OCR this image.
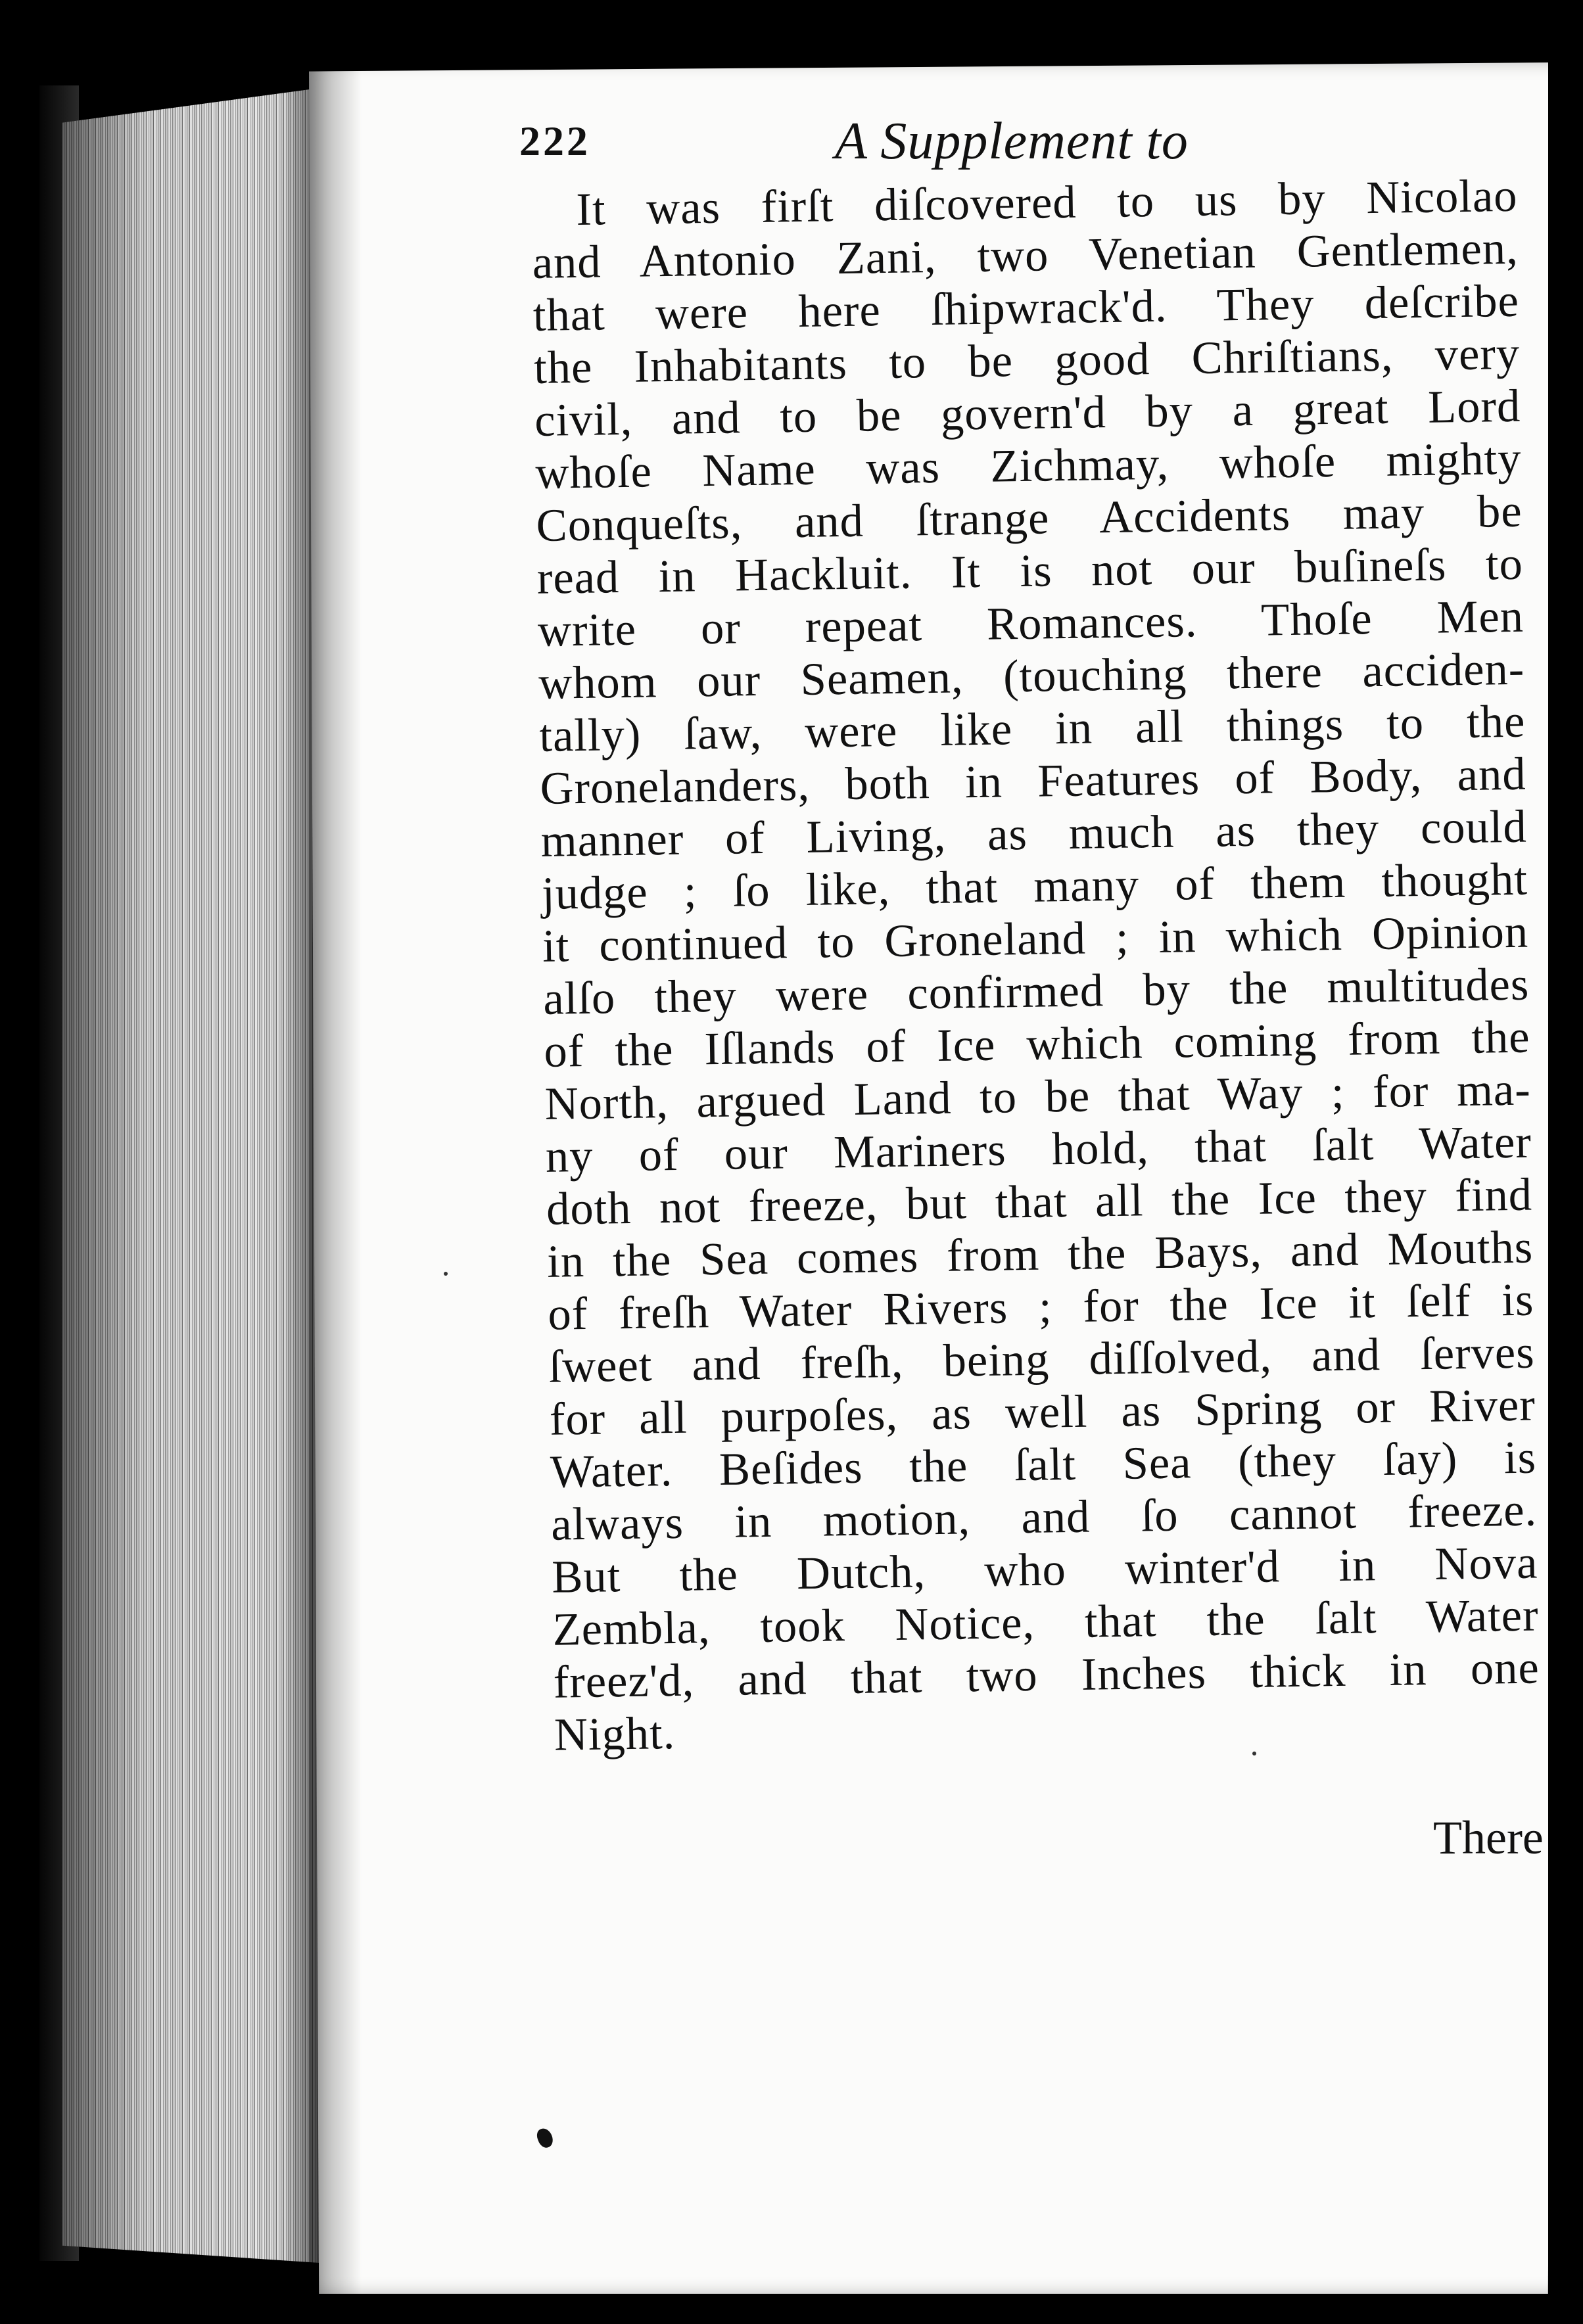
222	A Supplement to
It was firſt diſcovered to us by Nicolao
and Antonio Zani, two Venetian Gentlemen,
that were here ſhipwrack'd. They deſcribe
the Inhabitants to be good Chriſtians, very
civil, and to be govern'd by a great Lord
whoſe Name was Zichmay, whoſe mighty
Conqueſts, and ſtrange Accidents may be
read in Hackluit. It is not our buſineſs to
write or repeat Romances. Thoſe Men
whom our Seamen, (touching there acciden-
tally) ſaw, were like in all things to the
Gronelanders, both in Features of Body, and
manner of Living, as much as they could
judge ; ſo like, that many of them thought
it continued to Groneland ; in which Opinion
alſo they were confirmed by the multitudes
of the Iſlands of Ice which coming from the
North, argued Land to be that Way ; for ma-
ny of our Mariners hold, that ſalt Water
doth not freeze, but that all the Ice they find
in the Sea comes from the Bays, and Mouths
of freſh Water Rivers ; for the Ice it ſelf is
ſweet and freſh, being diſſolved, and ſerves
for all purpoſes, as well as Spring or River
Water. Beſides the ſalt Sea (they ſay) is
always in motion, and ſo cannot freeze.
But the Dutch, who winter'd in Nova
Zembla, took Notice, that the ſalt Water
freez'd, and that two Inches thick in one
Night.
There
